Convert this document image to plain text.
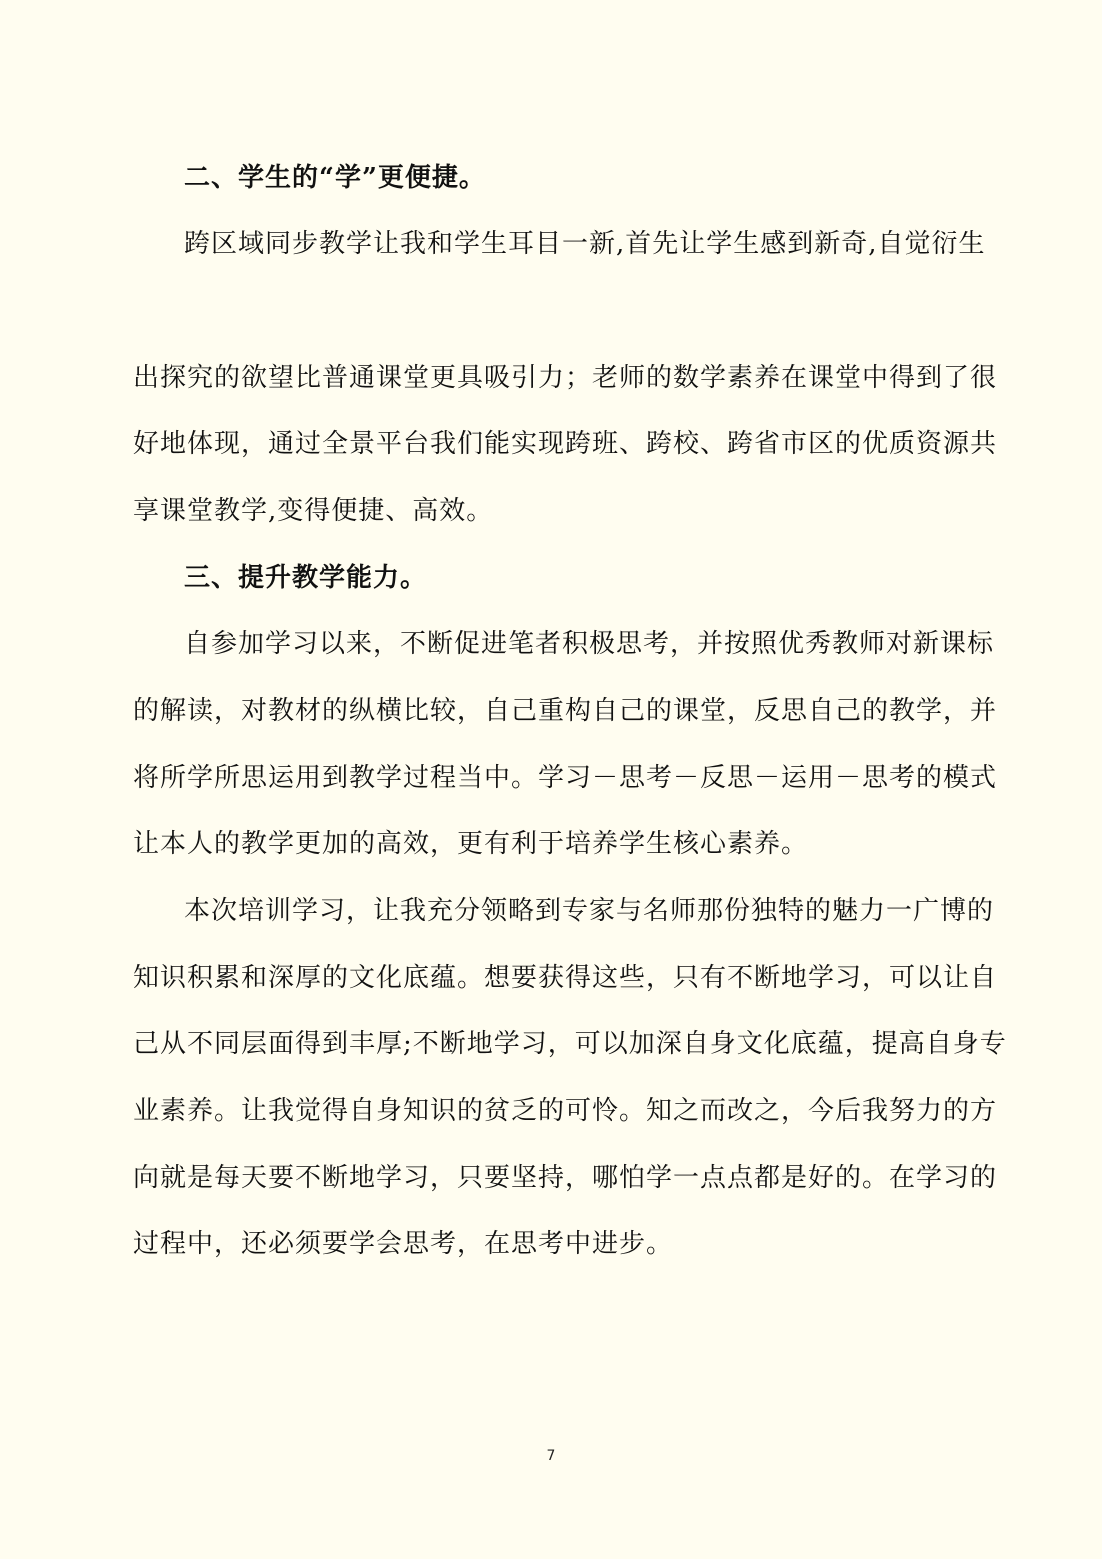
二、学生的“学”更便捷。
跨区域同步教学让我和学生耳目一新,首先让学生感到新奇,自觉衍生
出探究的欲望比普通课堂更具吸引力；老师的数学素养在课堂中得到了很
好地体现，通过全景平台我们能实现跨班、跨校、跨省市区的优质资源共
享课堂教学,变得便捷、高效。
三、提升教学能力。
自参加学习以来，不断促进笔者积极思考，并按照优秀教师对新课标
的解读，对教材的纵横比较，自己重构自己的课堂，反思自己的教学，并
将所学所思运用到教学过程当中。学习－思考－反思－运用－思考的模式
让本人的教学更加的高效，更有利于培养学生核心素养。
本次培训学习，让我充分领略到专家与名师那份独特的魅力一广博的
知识积累和深厚的文化底蕴。想要获得这些，只有不断地学习，可以让自
己从不同层面得到丰厚;不断地学习，可以加深自身文化底蕴，提高自身专
业素养。让我觉得自身知识的贫乏的可怜。知之而改之，今后我努力的方
向就是每天要不断地学习，只要坚持，哪怕学一点点都是好的。在学习的
过程中，还必须要学会思考，在思考中进步。
7
